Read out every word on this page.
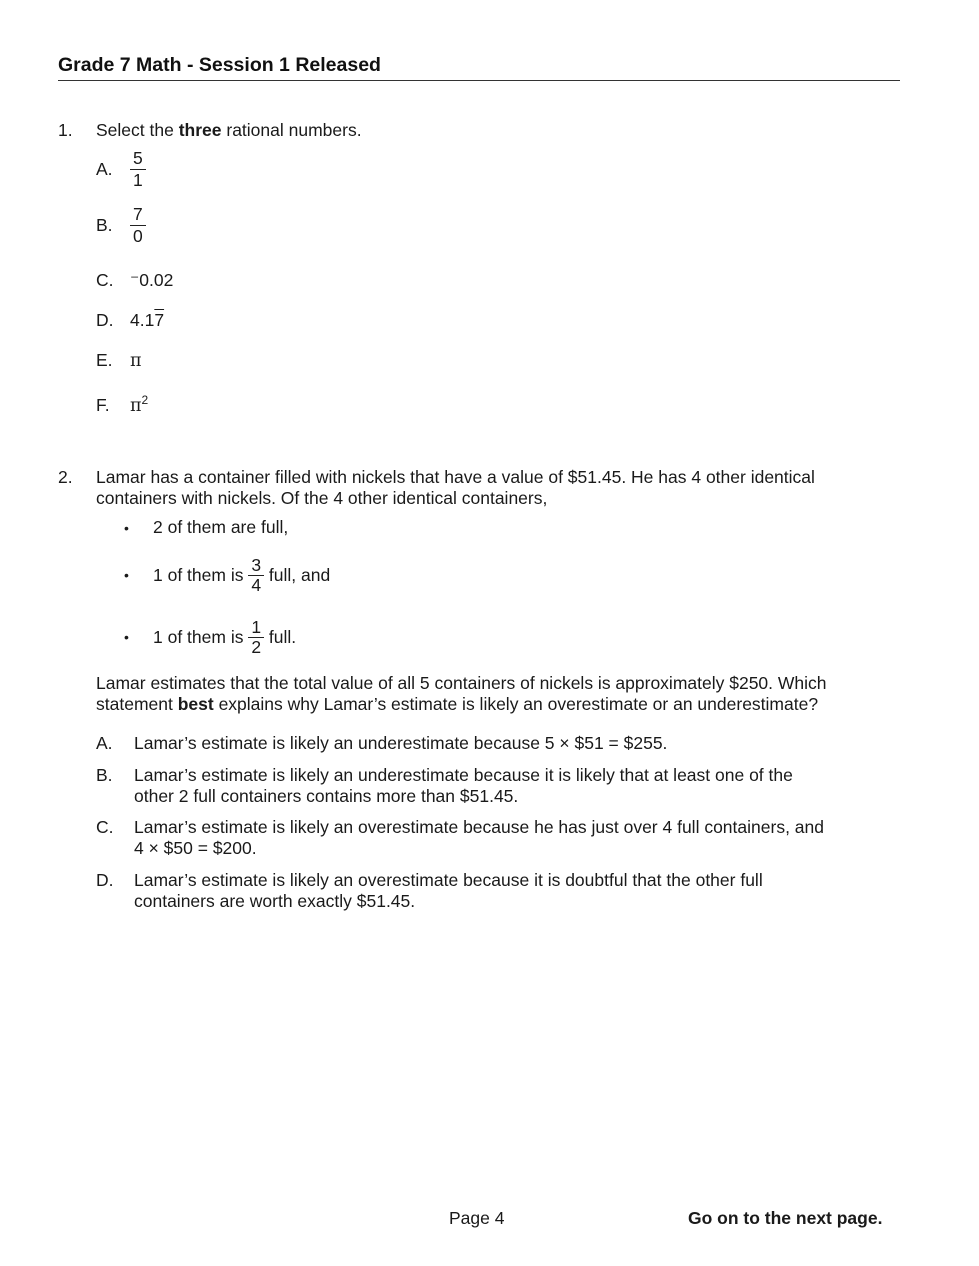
Grade 7 Math - Session 1 Released
1. Select the three rational numbers.
A. $\frac{5}{1}$
B. $\frac{7}{0}$
C. ⁻0.02
D. 4.17
E. π
F. $\pi^2$
2. Lamar has a container filled with nickels that have a value of $51.45. He has 4 other identical
containers with nickels. Of the 4 other identical containers,
• 2 of them are full,
• 1 of them is $\frac{3}{4}$ full, and
• 1 of them is $\frac{1}{2}$ full.
Lamar estimates that the total value of all 5 containers of nickels is approximately $250. Which
statement best explains why Lamar’s estimate is likely an overestimate or an underestimate?
A. Lamar’s estimate is likely an underestimate because 5 × $51 = $255.
B. Lamar’s estimate is likely an underestimate because it is likely that at least one of the
other 2 full containers contains more than $51.45.
C. Lamar’s estimate is likely an overestimate because he has just over 4 full containers, and
4 × $50 = $200.
D. Lamar’s estimate is likely an overestimate because it is doubtful that the other full
containers are worth exactly $51.45.
Page 4	Go on to the next page.
